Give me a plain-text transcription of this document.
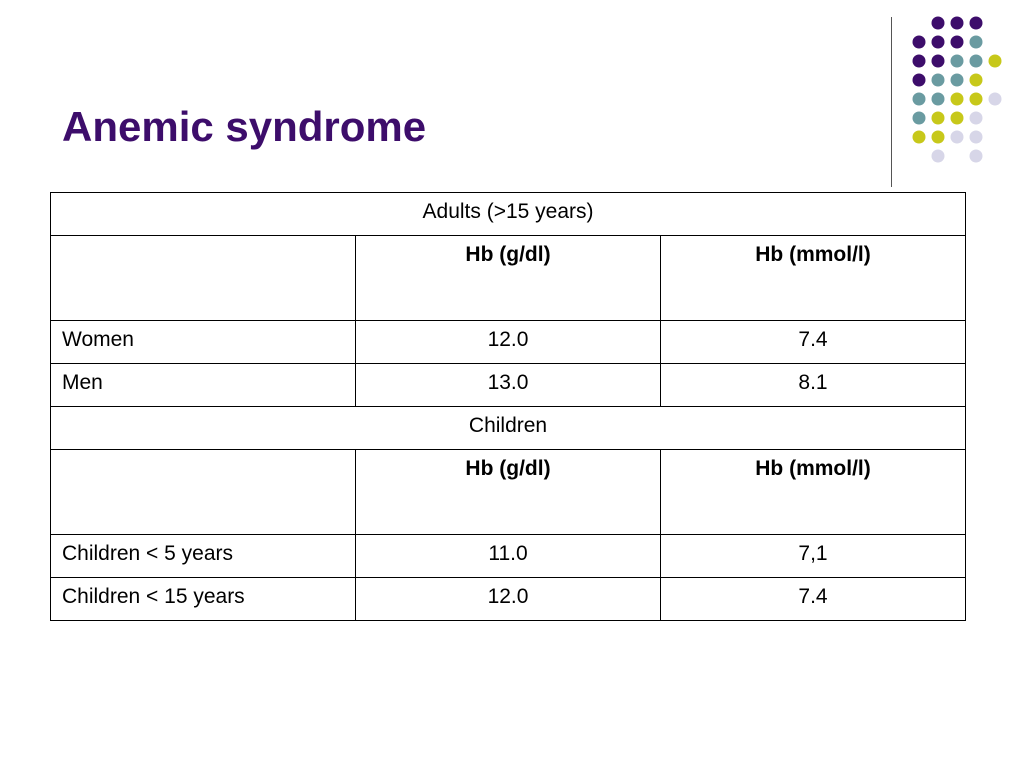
Anemic syndrome
Adults (>15 years)		
	Hb (g/dl)	Hb (mmol/l)
Women	12.0	7.4
Men	13.0	8.1
Children		
	Hb (g/dl)	Hb (mmol/l)
Children < 5 years	11.0	7,1
Children < 15 years	12.0	7.4
